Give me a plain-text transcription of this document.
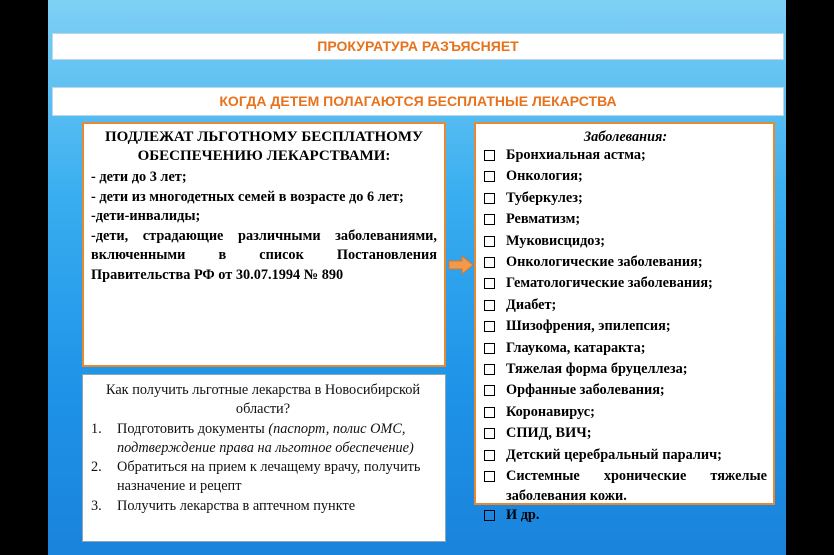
ПРОКУРАТУРА РАЗЪЯСНЯЕТ
КОГДА ДЕТЕМ ПОЛАГАЮТСЯ БЕСПЛАТНЫЕ ЛЕКАРСТВА
ПОДЛЕЖАТ ЛЬГОТНОМУ БЕСПЛАТНОМУ ОБЕСПЕЧЕНИЮ ЛЕКАРСТВАМИ:
- дети до 3 лет;
- дети из многодетных семей в возрасте до 6 лет;
-дети-инвалиды;
-дети, страдающие различными заболеваниями, включенными в список Постановления Правительства РФ от 30.07.1994 № 890
Заболевания:
Бронхиальная астма;
Онкология;
Туберкулез;
Ревматизм;
Муковисцидоз;
Онкологические заболевания;
Гематологические заболевания;
Диабет;
Шизофрения, эпилепсия;
Глаукома, катаракта;
Тяжелая форма бруцеллеза;
Орфанные заболевания;
Коронавирус;
СПИД, ВИЧ;
Детский церебральный паралич;
Системные хронические тяжелые заболевания кожи.
И др.
Как получить льготные лекарства в Новосибирской области?
1.	Подготовить документы (паспорт, полис ОМС, подтверждение права на льготное обеспечение)
2.	Обратиться на прием к лечащему врачу, получить назначение и рецепт
3.	Получить лекарства в аптечном пункте
